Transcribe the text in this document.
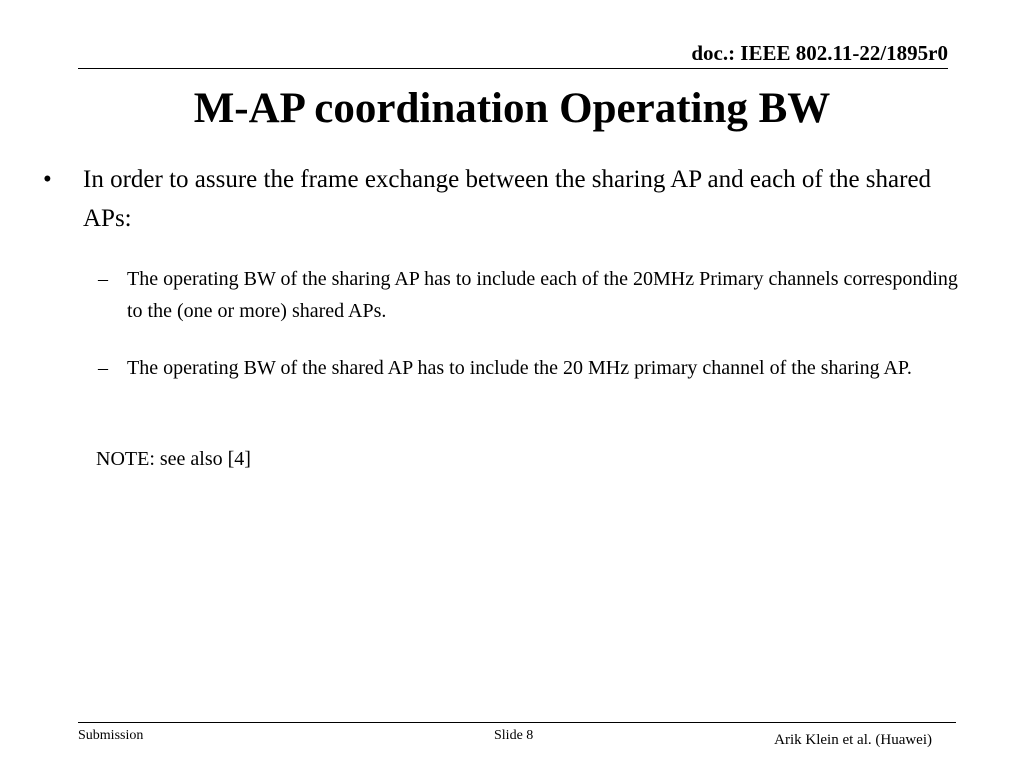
doc.: IEEE 802.11-22/1895r0
M-AP coordination Operating BW
• In order to assure the frame exchange between the sharing AP and each of the shared APs:
– The operating BW of the sharing AP has to include each of the 20MHz Primary channels corresponding to the (one or more) shared APs.
– The operating BW of the shared AP has to include the 20 MHz primary channel of the sharing AP.
NOTE: see also [4]
Submission	Slide 8	Arik Klein et al. (Huawei)
